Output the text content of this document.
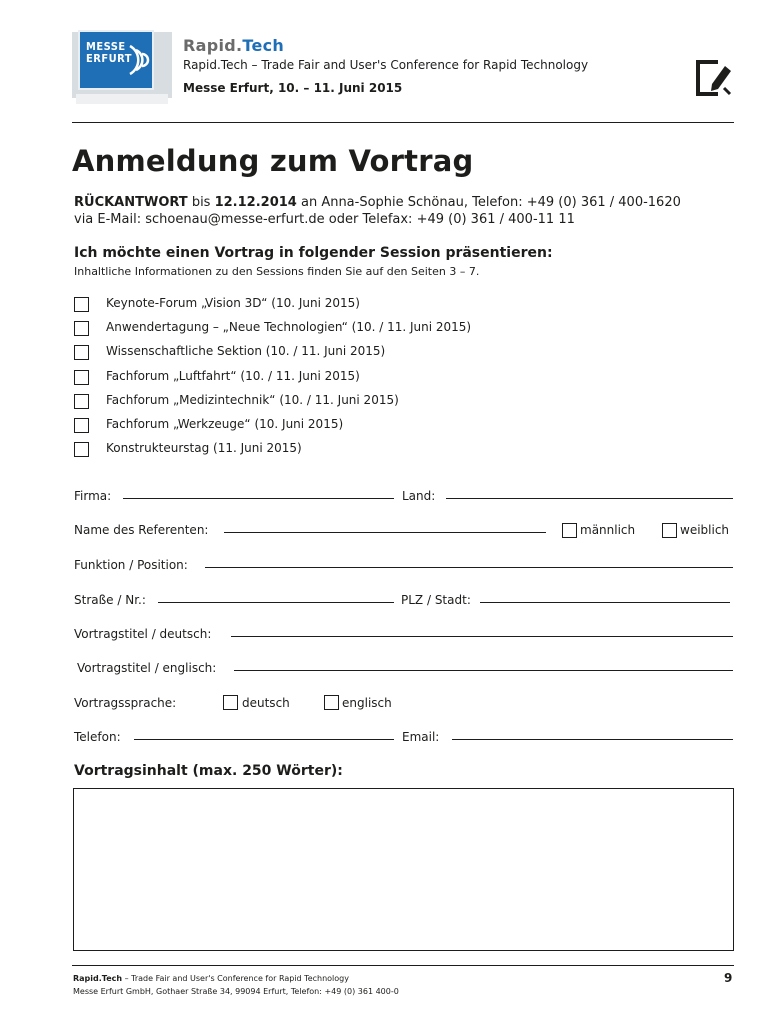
MESSE
ERFURT
Rapid.Tech
Rapid.Tech – Trade Fair and User's Conference for Rapid Technology
Messe Erfurt, 10. – 11. Juni 2015
Anmeldung zum Vortrag
RÜCKANTWORT bis 12.12.2014 an Anna-Sophie Schönau, Telefon: +49 (0) 361 / 400-1620
via E-Mail: schoenau@messe-erfurt.de oder Telefax: +49 (0) 361 / 400-11 11
Ich möchte einen Vortrag in folgender Session präsentieren:
Inhaltliche Informationen zu den Sessions finden Sie auf den Seiten 3 – 7.
Keynote-Forum „Vision 3D“ (10. Juni 2015)
Anwendertagung – „Neue Technologien“ (10. / 11. Juni 2015)
Wissenschaftliche Sektion (10. / 11. Juni 2015)
Fachforum „Luftfahrt“ (10. / 11. Juni 2015)
Fachforum „Medizintechnik“ (10. / 11. Juni 2015)
Fachforum „Werkzeuge“ (10. Juni 2015)
Konstrukteurstag (11. Juni 2015)
Firma:	Land:
Name des Referenten:	männlich	weiblich
Funktion / Position:
Straße / Nr.:	PLZ / Stadt:
Vortragstitel / deutsch:
Vortragstitel / englisch:
Vortragssprache:	deutsch	englisch
Telefon:	Email:
Vortragsinhalt (max. 250 Wörter):
Rapid.Tech – Trade Fair and User's Conference for Rapid Technology
Messe Erfurt GmbH, Gothaer Straße 34, 99094 Erfurt, Telefon: +49 (0) 361 400-0
9
